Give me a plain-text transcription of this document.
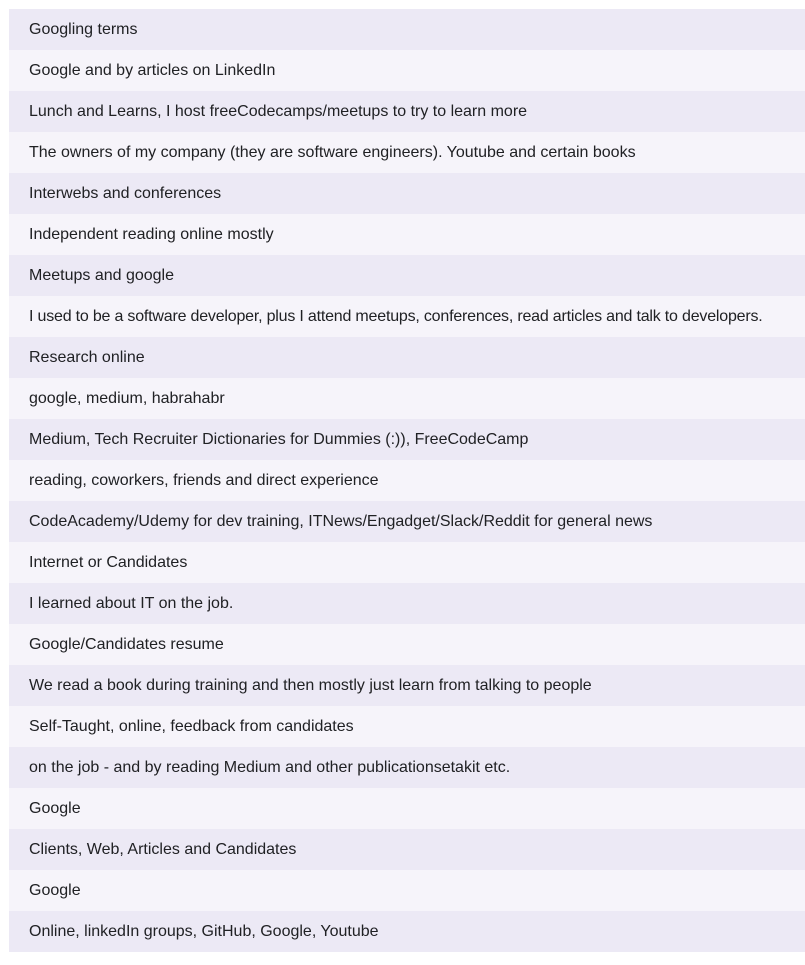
Googling terms
Google and by articles on LinkedIn
Lunch and Learns, I host freeCodecamps/meetups to try to learn more
The owners of my company (they are software engineers). Youtube and certain books
Interwebs and conferences
Independent reading online mostly
Meetups and google
I used to be a software developer, plus I attend meetups, conferences, read articles and talk to developers.
Research online
google, medium, habrahabr
Medium, Tech Recruiter Dictionaries for Dummies (:)), FreeCodeCamp
reading, coworkers, friends and direct experience
CodeAcademy/Udemy for dev training, ITNews/Engadget/Slack/Reddit for general news
Internet or Candidates
I learned about IT on the job.
Google/Candidates resume
We read a book during training and then mostly just learn from talking to people
Self-Taught, online, feedback from candidates
on the job - and by reading Medium and other publicationsetakit etc.
Google
Clients, Web, Articles and Candidates
Google
Online, linkedIn groups, GitHub, Google, Youtube
